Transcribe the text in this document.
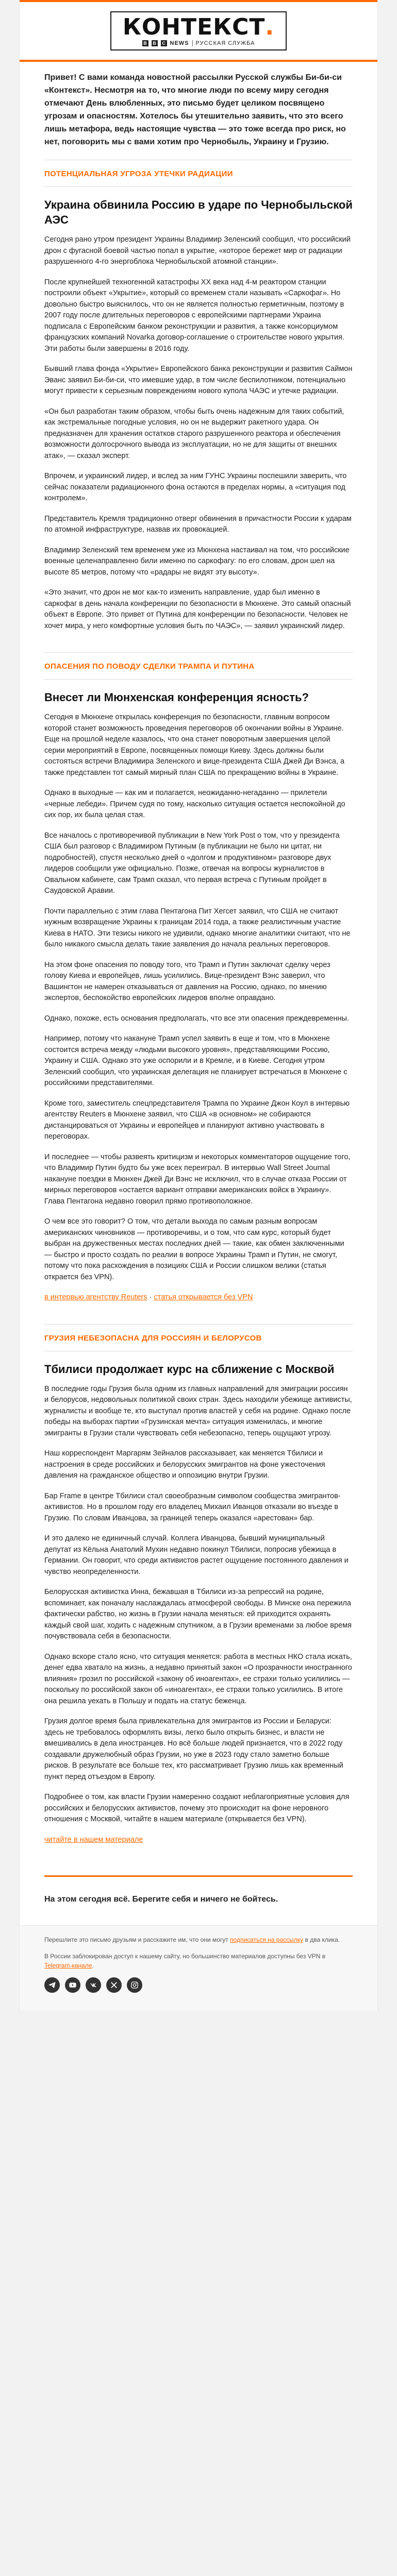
КОНТЕКСТ.
B	B	C NEWS РУССКАЯ СЛУЖБА

Привет! С вами команда новостной рассылки Русской службы Би-би-си «Контекст». Несмотря на то, что многие люди по всему миру сегодня отмечают День влюбленных, это письмо будет целиком посвящено угрозам и опасностям. Хотелось бы утешительно заявить, что это всего лишь метафора, ведь настоящие чувства — это тоже всегда про риск, но нет, поговорить мы с вами хотим про Чернобыль, Украину и Грузию.

ПОТЕНЦИАЛЬНАЯ УГРОЗА УТЕЧКИ РАДИАЦИИ

Украина обвинила Россию в ударе по Чернобыльской АЭС

Сегодня рано утром президент Украины Владимир Зеленский сообщил, что российский дрон с фугасной боевой частью попал в укрытие, «которое бережет мир от радиации разрушенного 4-го энергоблока Чернобыльской атомной станции».

После крупнейшей техногенной катастрофы XX века над 4-м реактором станции построили объект «Укрытие», который со временем стали называть «Саркофаг». Но довольно быстро выяснилось, что он не является полностью герметичным, поэтому в 2007 году после длительных переговоров с европейскими партнерами Украина подписала с Европейским банком реконструкции и развития, а также консорциумом французских компаний Novarka договор-соглашение о строительстве нового укрытия. Эти работы были завершены в 2016 году.

Бывший глава фонда «Укрытие» Европейского банка реконструкции и развития Саймон Эванс заявил Би-би-си, что имевшие удар, в том числе беспилотником, потенциально могут привести к серьезным повреждениям нового купола ЧАЭС и утечке радиации.

«Он был разработан таким образом, чтобы быть очень надежным для таких событий, как экстремальные погодные условия, но он не выдержит ракетного удара. Он предназначен для хранения остатков старого разрушенного реактора и обеспечения возможности долгосрочного вывода из эксплуатации, но не для защиты от внешних атак», — сказал эксперт.

Впрочем, и украинский лидер, и вслед за ним ГУНС Украины поспешили заверить, что сейчас показатели радиационного фона остаются в пределах нормы, а «ситуация под контролем».

Представитель Кремля традиционно отверг обвинения в причастности России к ударам по атомной инфраструктуре, назвав их провокацией.

Владимир Зеленский тем временем уже из Мюнхена настаивал на том, что российские военные целенаправленно били именно по саркофагу: по его словам, дрон шел на высоте 85 метров, потому что «радары не видят эту высоту».

«Это значит, что дрон не мог как-то изменить направление, удар был именно в саркофаг в день начала конференции по безопасности в Мюнхене. Это самый опасный объект в Европе. Это привет от Путина для конференции по безопасности. Человек не хочет мира, у него комфортные условия быть по ЧАЭС», — заявил украинский лидер.

ОПАСЕНИЯ ПО ПОВОДУ СДЕЛКИ ТРАМПА И ПУТИНА

Внесет ли Мюнхенская конференция ясность?

Сегодня в Мюнхене открылась конференция по безопасности, главным вопросом которой станет возможность проведения переговоров об окончании войны в Украине. Еще на прошлой неделе казалось, что она станет поворотным завершения целой серии мероприятий в Европе, посвященных помощи Киеву. Здесь должны были состояться встречи Владимира Зеленского и вице-президента США Джей Ди Вэнса, а также представлен тот самый мирный план США по прекращению войны в Украине.

Однако в выходные — как им и полагается, неожиданно-негаданно — прилетели «черные лебеди». Причем судя по тому, насколько ситуация остается неспокойной до сих пор, их была целая стая.

Все началось с противоречивой публикации в New York Post о том, что у президента США был разговор с Владимиром Путиным (в публикации не было ни цитат, ни подробностей), спустя несколько дней о «долгом и продуктивном» разговоре двух лидеров сообщили уже официально. Позже, отвечая на вопросы журналистов в Овальном кабинете, сам Трамп сказал, что первая встреча с Путиным пройдет в Саудовской Аравии.

Почти параллельно с этим глава Пентагона Пит Хегсет заявил, что США не считают нужным возвращение Украины к границам 2014 года, а также реалистичным участие Киева в НАТО. Эти тезисы никого не удивили, однако многие аналитики считают, что не было никакого смысла делать такие заявления до начала реальных переговоров.

На этом фоне опасения по поводу того, что Трамп и Путин заключат сделку через голову Киева и европейцев, лишь усилились. Вице-президент Вэнс заверил, что Вашингтон не намерен отказываться от давления на Россию, однако, по мнению экспертов, беспокойство европейских лидеров вполне оправдано.

Однако, похоже, есть основания предполагать, что все эти опасения преждевременны.

Например, потому что накануне Трамп успел заявить в еще и том, что в Мюнхене состоится встреча между «людьми высокого уровня», представляющими Россию, Украину и США. Однако это уже оспорили и в Кремле, и в Киеве. Сегодня утром Зеленский сообщил, что украинская делегация не планирует встречаться в Мюнхене с российскими представителями.

Кроме того, заместитель спецпредставителя Трампа по Украине Джон Коул в интервью агентству Reuters в Мюнхене заявил, что США «в основном» не собираются дистанцироваться от Украины и европейцев и планируют активно участвовать в переговорах.

И последнее — чтобы развеять критицизм и некоторых комментаторов ощущение того, что Владимир Путин будто бы уже всех переиграл. В интервью Wall Street Journal накануне поездки в Мюнхен Джей Ди Вэнс не исключил, что в случае отказа России от мирных переговоров «остается вариант отправки американских войск в Украину». Глава Пентагона недавно говорил прямо противоположное.

О чем все это говорит? О том, что детали выхода по самым разным вопросам американских чиновников — противоречивы, и о том, что сам курс, который будет выбран на дружественных местах последних дней — такие, как обмен заключенными — быстро и просто создать по реалии в вопросе Украины Трамп и Путин, не смогут, потому что пока расхождения в позициях США и России слишком велики (статья открается без VPN).

в интервью агентству Reuters · статья открывается без VPN

ГРУЗИЯ НЕБЕЗОПАСНА ДЛЯ РОССИЯН И БЕЛОРУСОВ

Тбилиси продолжает курс на сближение с Москвой

В последние годы Грузия была одним из главных направлений для эмиграции россиян и белорусов, недовольных политикой своих стран. Здесь находили убежище активисты, журналисты и вообще те, кто выступал против властей у себя на родине. Однако после победы на выборах партии «Грузинская мечта» ситуация изменилась, и многие эмигранты в Грузии стали чувствовать себя небезопасно, теперь ощущают угрозу.

Наш корреспондент Маргарям Зейналов рассказывает, как меняется Тбилиси и настроения в среде российских и белорусских эмигрантов на фоне ужесточения давления на гражданское общество и оппозицию внутри Грузии.

Бар Frame в центре Тбилиси стал своеобразным символом сообщества эмигрантов-активистов. Но в прошлом году его владелец Михаил Иванцов отказали во въезде в Грузию. По словам Иванцова, за границей теперь оказался «арестован» бар.

И это далеко не единичный случай. Коллега Иванцова, бывший муниципальный депутат из Кёльна Анатолий Мухин недавно покинул Тбилиси, попросив убежища в Германии. Он говорит, что среди активистов растет ощущение постоянного давления и чувство неопределенности.

Белорусская активистка Инна, бежавшая в Тбилиси из-за репрессий на родине, вспоминает, как поначалу наслаждалась атмосферой свободы. В Минске она пережила фактически рабство, но жизнь в Грузии начала меняться: ей приходится охранять каждый свой шаг, ходить с надежным спутником, а в Грузии временами за любое время почувствовала себя в безопасности.

Однако вскоре стало ясно, что ситуация меняется: работа в местных НКО стала искать, денег едва хватало на жизнь, а недавно принятый закон «О прозрачности иностранного влияния» грозил по российской «закону об иноагентах», ее страхи только усилились — поскольку по российской закон об «иноагентах», ее страхи только усилились. В итоге она решила уехать в Польшу и подать на статус беженца.

Грузия долгое время была привлекательна для эмигрантов из России и Беларуси: здесь не требовалось оформлять визы, легко было открыть бизнес, и власти не вмешивались в дела иностранцев. Но всё больше людей признается, что в 2022 году создавали дружелюбный образ Грузии, но уже в 2023 году стало заметно больше рисков. В результате все больше тех, кто рассматривает Грузию лишь как временный пункт перед отъездом в Европу.

Подробнее о том, как власти Грузии намеренно создают неблагоприятные условия для российских и белорусских активистов, почему это происходит на фоне неровного отношения с Москвой, читайте в нашем материале (открывается без VPN).

читайте в нашем материале

На этом сегодня всё. Берегите себя и ничего не бойтесь.

Перешлите это письмо друзьям и расскажите им, что они могут подписаться на рассылку в два клика.

В России заблокирован доступ к нашему сайту, но большинство материалов доступны без VPN в Telegram-канале.
